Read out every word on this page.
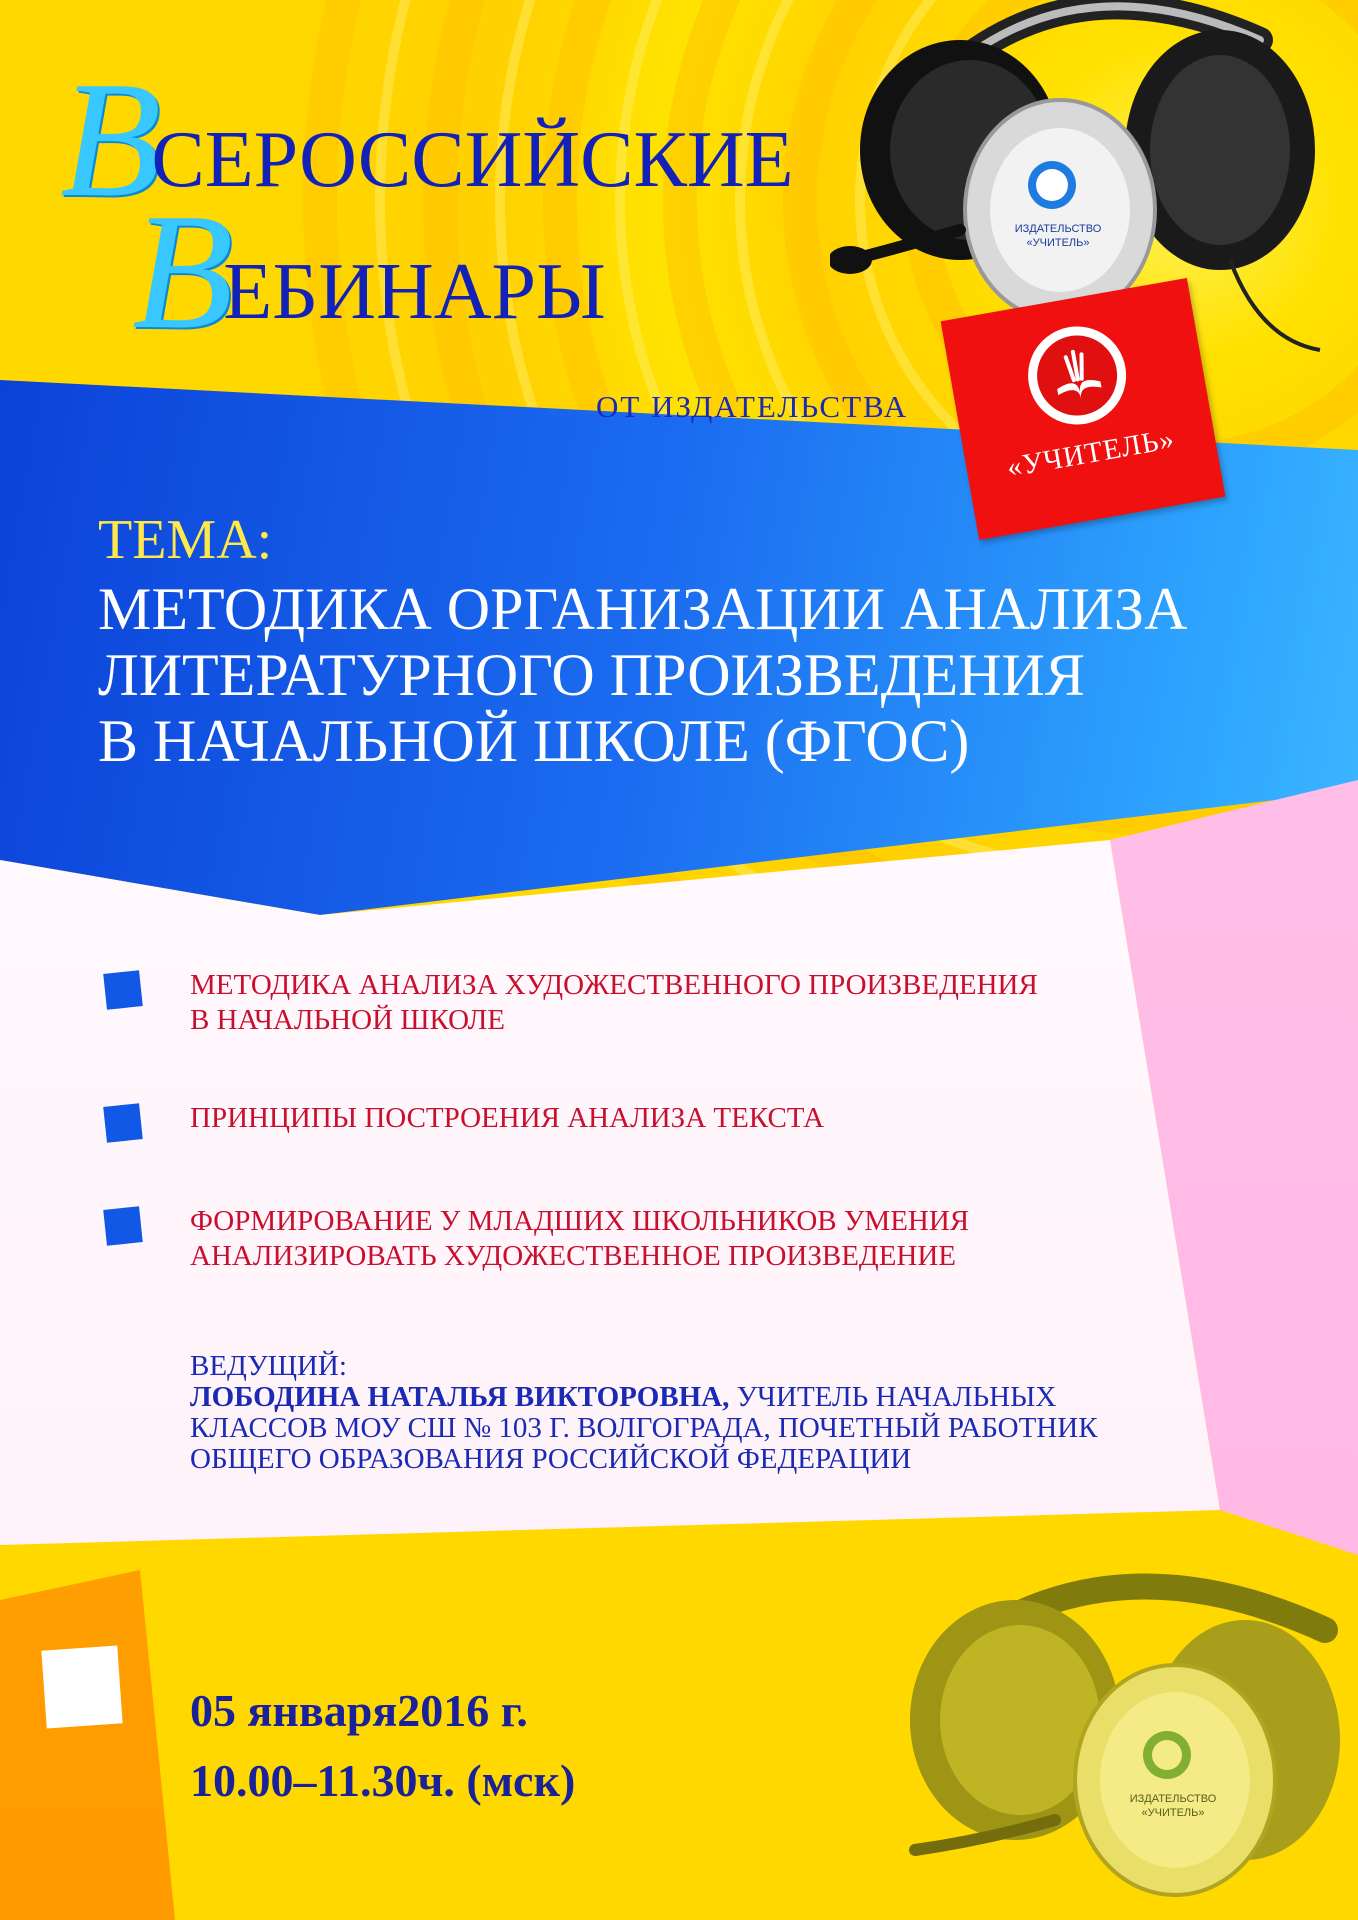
ИЗДАТЕЛЬСТВО
«УЧИТЕЛЬ»
ВСЕРОССИЙСКИЕ
ВЕБИНАРЫ
ОТ ИЗДАТЕЛЬСТВА
«УЧИТЕЛЬ»
ТЕМА:
МЕТОДИКА ОРГАНИЗАЦИИ АНАЛИЗА
ЛИТЕРАТУРНОГО ПРОИЗВЕДЕНИЯ
В НАЧАЛЬНОЙ ШКОЛЕ (ФГОС)
МЕТОДИКА АНАЛИЗА ХУДОЖЕСТВЕННОГО ПРОИЗВЕДЕНИЯ
В НАЧАЛЬНОЙ ШКОЛЕ
ПРИНЦИПЫ ПОСТРОЕНИЯ АНАЛИЗА ТЕКСТА
ФОРМИРОВАНИЕ У МЛАДШИХ ШКОЛЬНИКОВ УМЕНИЯ
АНАЛИЗИРОВАТЬ ХУДОЖЕСТВЕННОЕ ПРОИЗВЕДЕНИЕ
ВЕДУЩИЙ:
ЛОБОДИНА НАТАЛЬЯ ВИКТОРОВНА, УЧИТЕЛЬ НАЧАЛЬНЫХ
КЛАССОВ МОУ СШ № 103 Г. ВОЛГОГРАДА, ПОЧЕТНЫЙ РАБОТНИК
ОБЩЕГО ОБРАЗОВАНИЯ РОССИЙСКОЙ ФЕДЕРАЦИИ
ИЗДАТЕЛЬСТВО
«УЧИТЕЛЬ»
05 января2016 г.
10.00–11.30ч. (мск)
